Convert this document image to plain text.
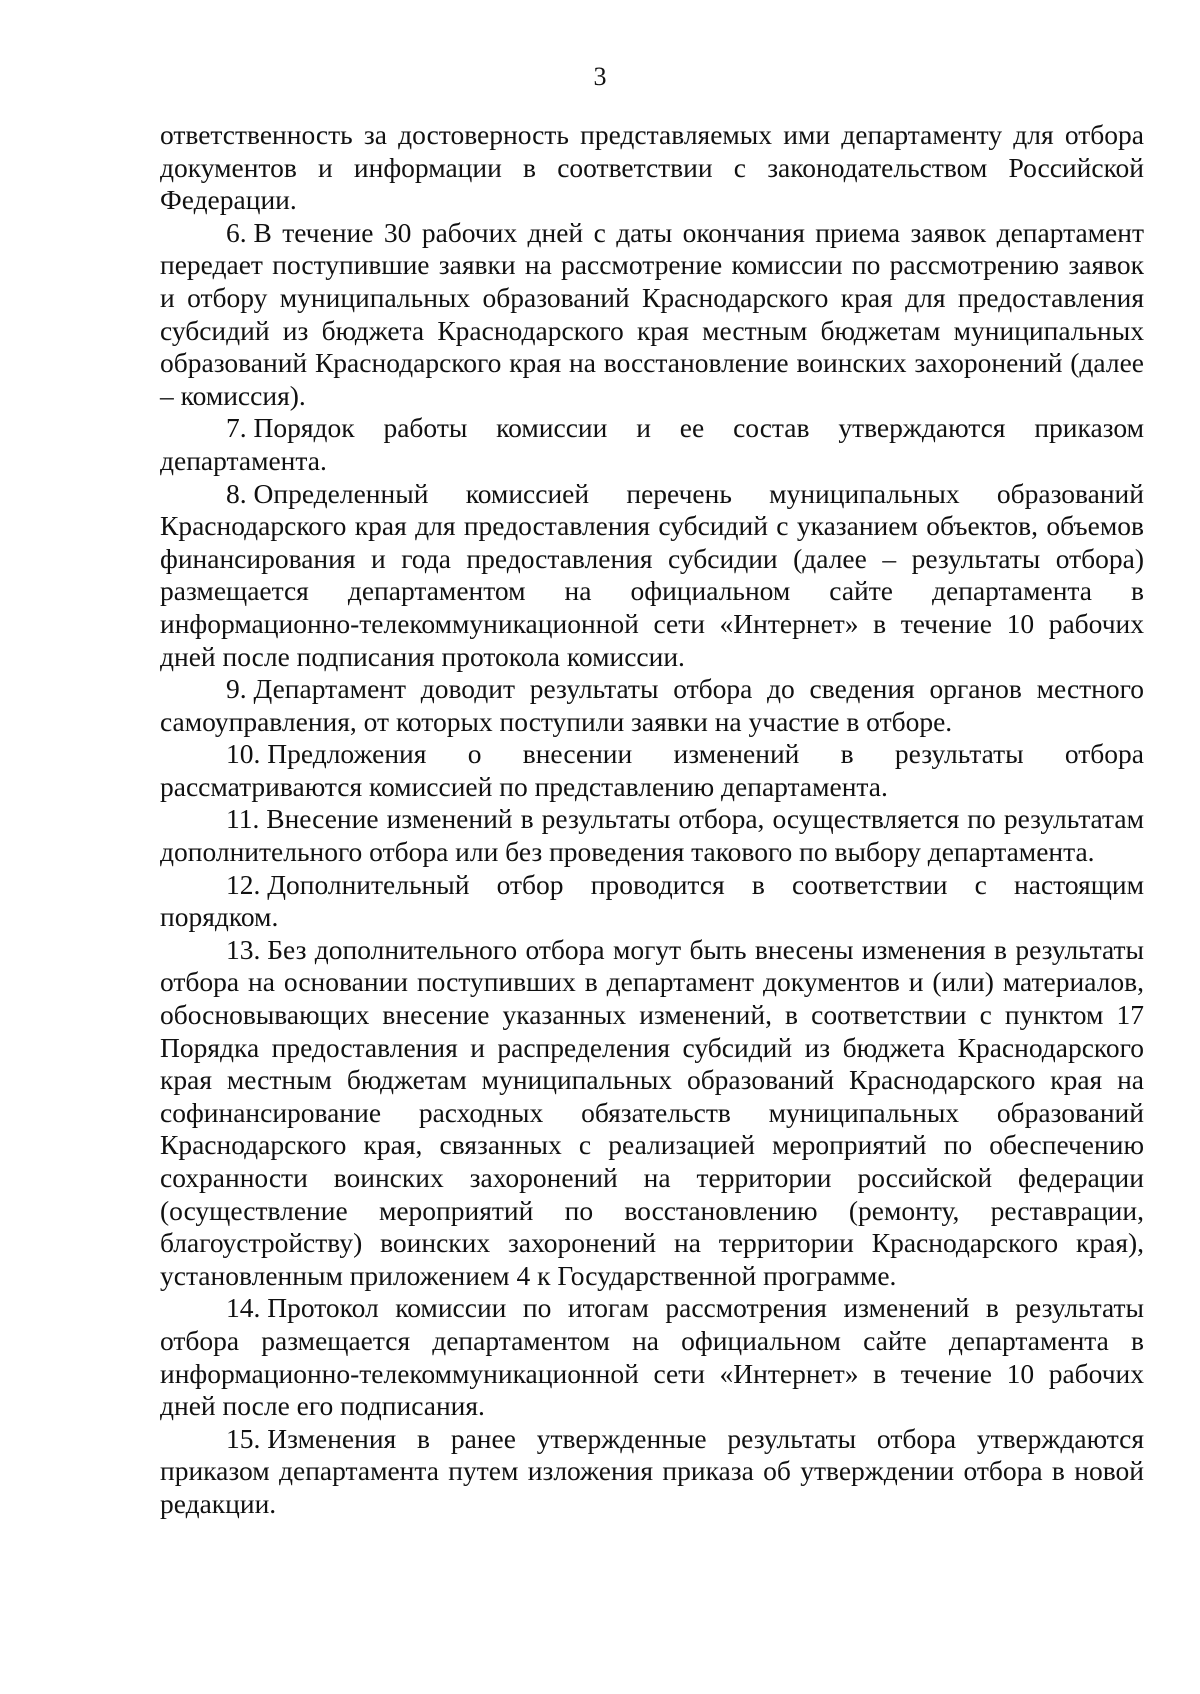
3

ответственность за достоверность представляемых ими департаменту для отбора документов и информации в соответствии с законодательством Российской Федерации.

6. В течение 30 рабочих дней с даты окончания приема заявок департамент передает поступившие заявки на рассмотрение комиссии по рассмотрению заявок и отбору муниципальных образований Краснодарского края для предоставления субсидий из бюджета Краснодарского края местным бюджетам муниципальных образований Краснодарского края на восстановление воинских захоронений (далее – комиссия).

7. Порядок работы комиссии и ее состав утверждаются приказом департамента.

8. Определенный комиссией перечень муниципальных образований Краснодарского края для предоставления субсидий с указанием объектов, объемов финансирования и года предоставления субсидии (далее – результаты отбора) размещается департаментом на официальном сайте департамента в информационно-телекоммуникационной сети «Интернет» в течение 10 рабочих дней после подписания протокола комиссии.

9. Департамент доводит результаты отбора до сведения органов местного самоуправления, от которых поступили заявки на участие в отборе.

10. Предложения о внесении изменений в результаты отбора рассматриваются комиссией по представлению департамента.

11. Внесение изменений в результаты отбора, осуществляется по результатам дополнительного отбора или без проведения такового по выбору департамента.

12. Дополнительный отбор проводится в соответствии с настоящим порядком.

13. Без дополнительного отбора могут быть внесены изменения в результаты отбора на основании поступивших в департамент документов и (или) материалов, обосновывающих внесение указанных изменений, в соответствии с пунктом 17 Порядка предоставления и распределения субсидий из бюджета Краснодарского края местным бюджетам муниципальных образований Краснодарского края на софинансирование расходных обязательств муниципальных образований Краснодарского края, связанных с реализацией мероприятий по обеспечению сохранности воинских захоронений на территории российской федерации (осуществление мероприятий по восстановлению (ремонту, реставрации, благоустройству) воинских захоронений на территории Краснодарского края), установленным приложением 4 к Государственной программе.

14. Протокол комиссии по итогам рассмотрения изменений в результаты отбора размещается департаментом на официальном сайте департамента в информационно-телекоммуникационной сети «Интернет» в течение 10 рабочих дней после его подписания.

15. Изменения в ранее утвержденные результаты отбора утверждаются приказом департамента путем изложения приказа об утверждении отбора в новой редакции.
